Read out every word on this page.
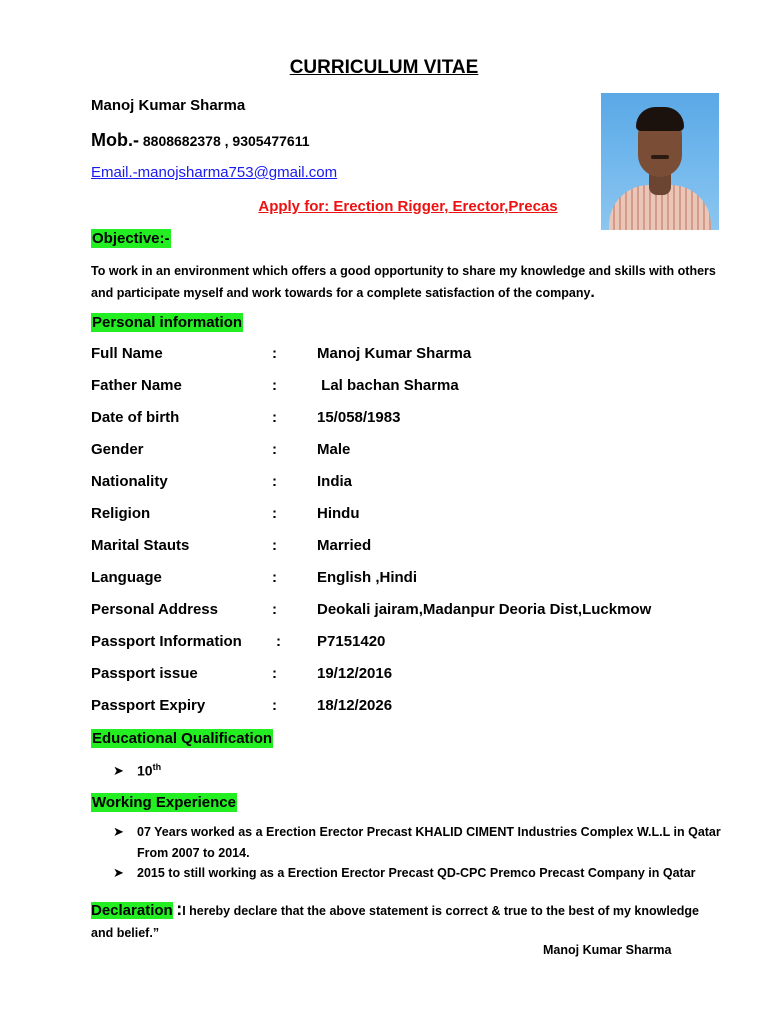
CURRICULUM VITAE
Manoj Kumar Sharma
Mob.- 8808682378 , 9305477611
Email.-manojsharma753@gmail.com
Apply for: Erection Rigger, Erector,Precas
Objective:-
To work in an environment which offers a good opportunity to share my knowledge and skills with others and participate myself and work towards for a complete satisfaction of the company.
Personal information
Full Name	:	Manoj Kumar Sharma
Father Name	:	Lal bachan Sharma
Date of birth	:	15/058/1983
Gender	:	Male
Nationality	:	India
Religion	:	Hindu
Marital Stauts	:	Married
Language	:	English ,Hindi
Personal Address	:	Deokali jairam,Madanpur Deoria Dist,Luckmow
Passport Information : P7151420
Passport issue	:	19/12/2016
Passport Expiry	:	18/12/2026
Educational Qualification
➤ 10th
Working Experience
➤ 07 Years worked as a Erection Erector Precast KHALID CIMENT Industries Complex W.L.L in Qatar From 2007 to 2014.
➤ 2015 to still working as a Erection Erector Precast QD-CPC Premco Precast Company in Qatar
Declaration :I hereby declare that the above statement is correct & true to the best of my knowledge and belief.”
Manoj Kumar Sharma
